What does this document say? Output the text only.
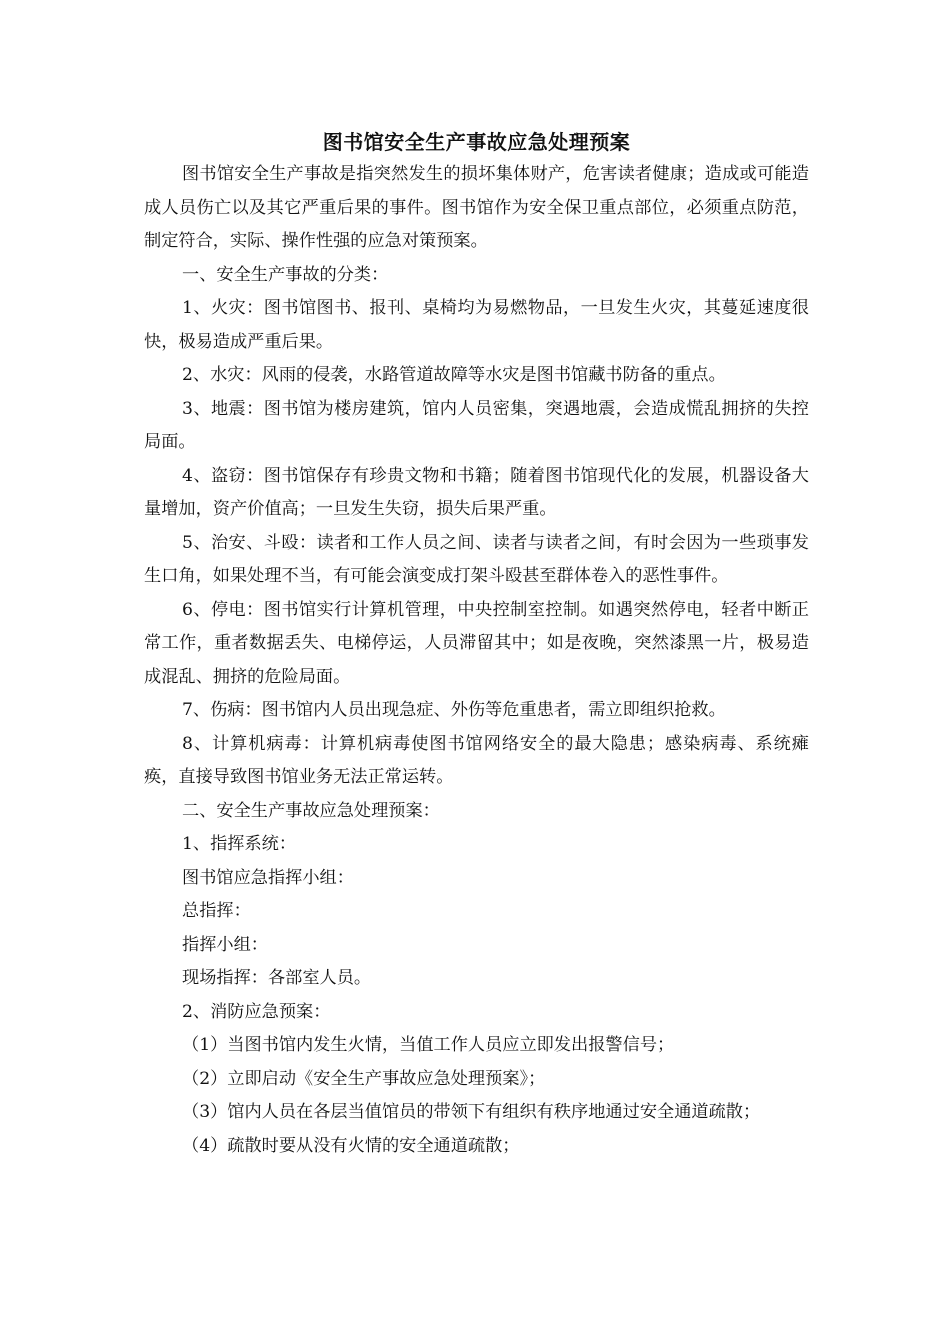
图书馆安全生产事故应急处理预案

图书馆安全生产事故是指突然发生的损坏集体财产，危害读者健康；造成或可能造成人员伤亡以及其它严重后果的事件。图书馆作为安全保卫重点部位，必须重点防范，制定符合，实际、操作性强的应急对策预案。

一、安全生产事故的分类：

1、火灾：图书馆图书、报刊、桌椅均为易燃物品，一旦发生火灾，其蔓延速度很快，极易造成严重后果。

2、水灾：风雨的侵袭，水路管道故障等水灾是图书馆藏书防备的重点。

3、地震：图书馆为楼房建筑，馆内人员密集，突遇地震，会造成慌乱拥挤的失控局面。

4、盗窃：图书馆保存有珍贵文物和书籍；随着图书馆现代化的发展，机器设备大量增加，资产价值高；一旦发生失窃，损失后果严重。

5、治安、斗殴：读者和工作人员之间、读者与读者之间，有时会因为一些琐事发生口角，如果处理不当，有可能会演变成打架斗殴甚至群体卷入的恶性事件。

6、停电：图书馆实行计算机管理，中央控制室控制。如遇突然停电，轻者中断正常工作，重者数据丢失、电梯停运，人员滞留其中；如是夜晚，突然漆黑一片，极易造成混乱、拥挤的危险局面。

7、伤病：图书馆内人员出现急症、外伤等危重患者，需立即组织抢救。

8、计算机病毒：计算机病毒使图书馆网络安全的最大隐患；感染病毒、系统瘫痪，直接导致图书馆业务无法正常运转。

二、安全生产事故应急处理预案：

1、指挥系统：

图书馆应急指挥小组：

总指挥：

指挥小组：

现场指挥：各部室人员。

2、消防应急预案：

（1）当图书馆内发生火情，当值工作人员应立即发出报警信号；

（2）立即启动《安全生产事故应急处理预案》；

（3）馆内人员在各层当值馆员的带领下有组织有秩序地通过安全通道疏散；

（4）疏散时要从没有火情的安全通道疏散；
